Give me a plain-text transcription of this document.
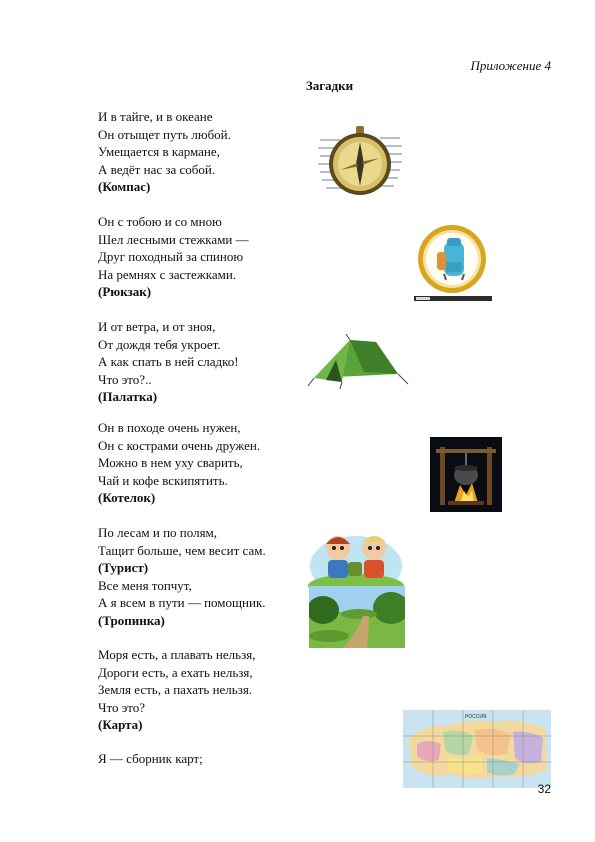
Приложение 4
Загадки
И в тайге, и в океане
Он отыщет путь любой.
Умещается в кармане,
А ведёт нас за собой.
(Компас)
Он с тобою и со мною
Шел лесными стежками —
Друг походный за спиною
На ремнях с застежками.
(Рюкзак)
И от ветра, и от зноя,
От дождя тебя укроет.
А как спать в ней сладко!
Что это?..
(Палатка)
Он в походе очень нужен,
Он с кострами очень дружен.
Можно в нем уху сварить,
Чай и кофе вскипятить.
(Котелок)
По лесам и по полям,
Тащит больше, чем весит сам.
(Турист)
Все меня топчут,
А я всем в пути — помощник.
(Тропинка)
Моря есть, а плавать нельзя,
Дороги есть, а ехать нельзя,
Земля есть, а пахать нельзя.
Что это?
(Карта)
Я — сборник карт;
РОССИЯ
32
